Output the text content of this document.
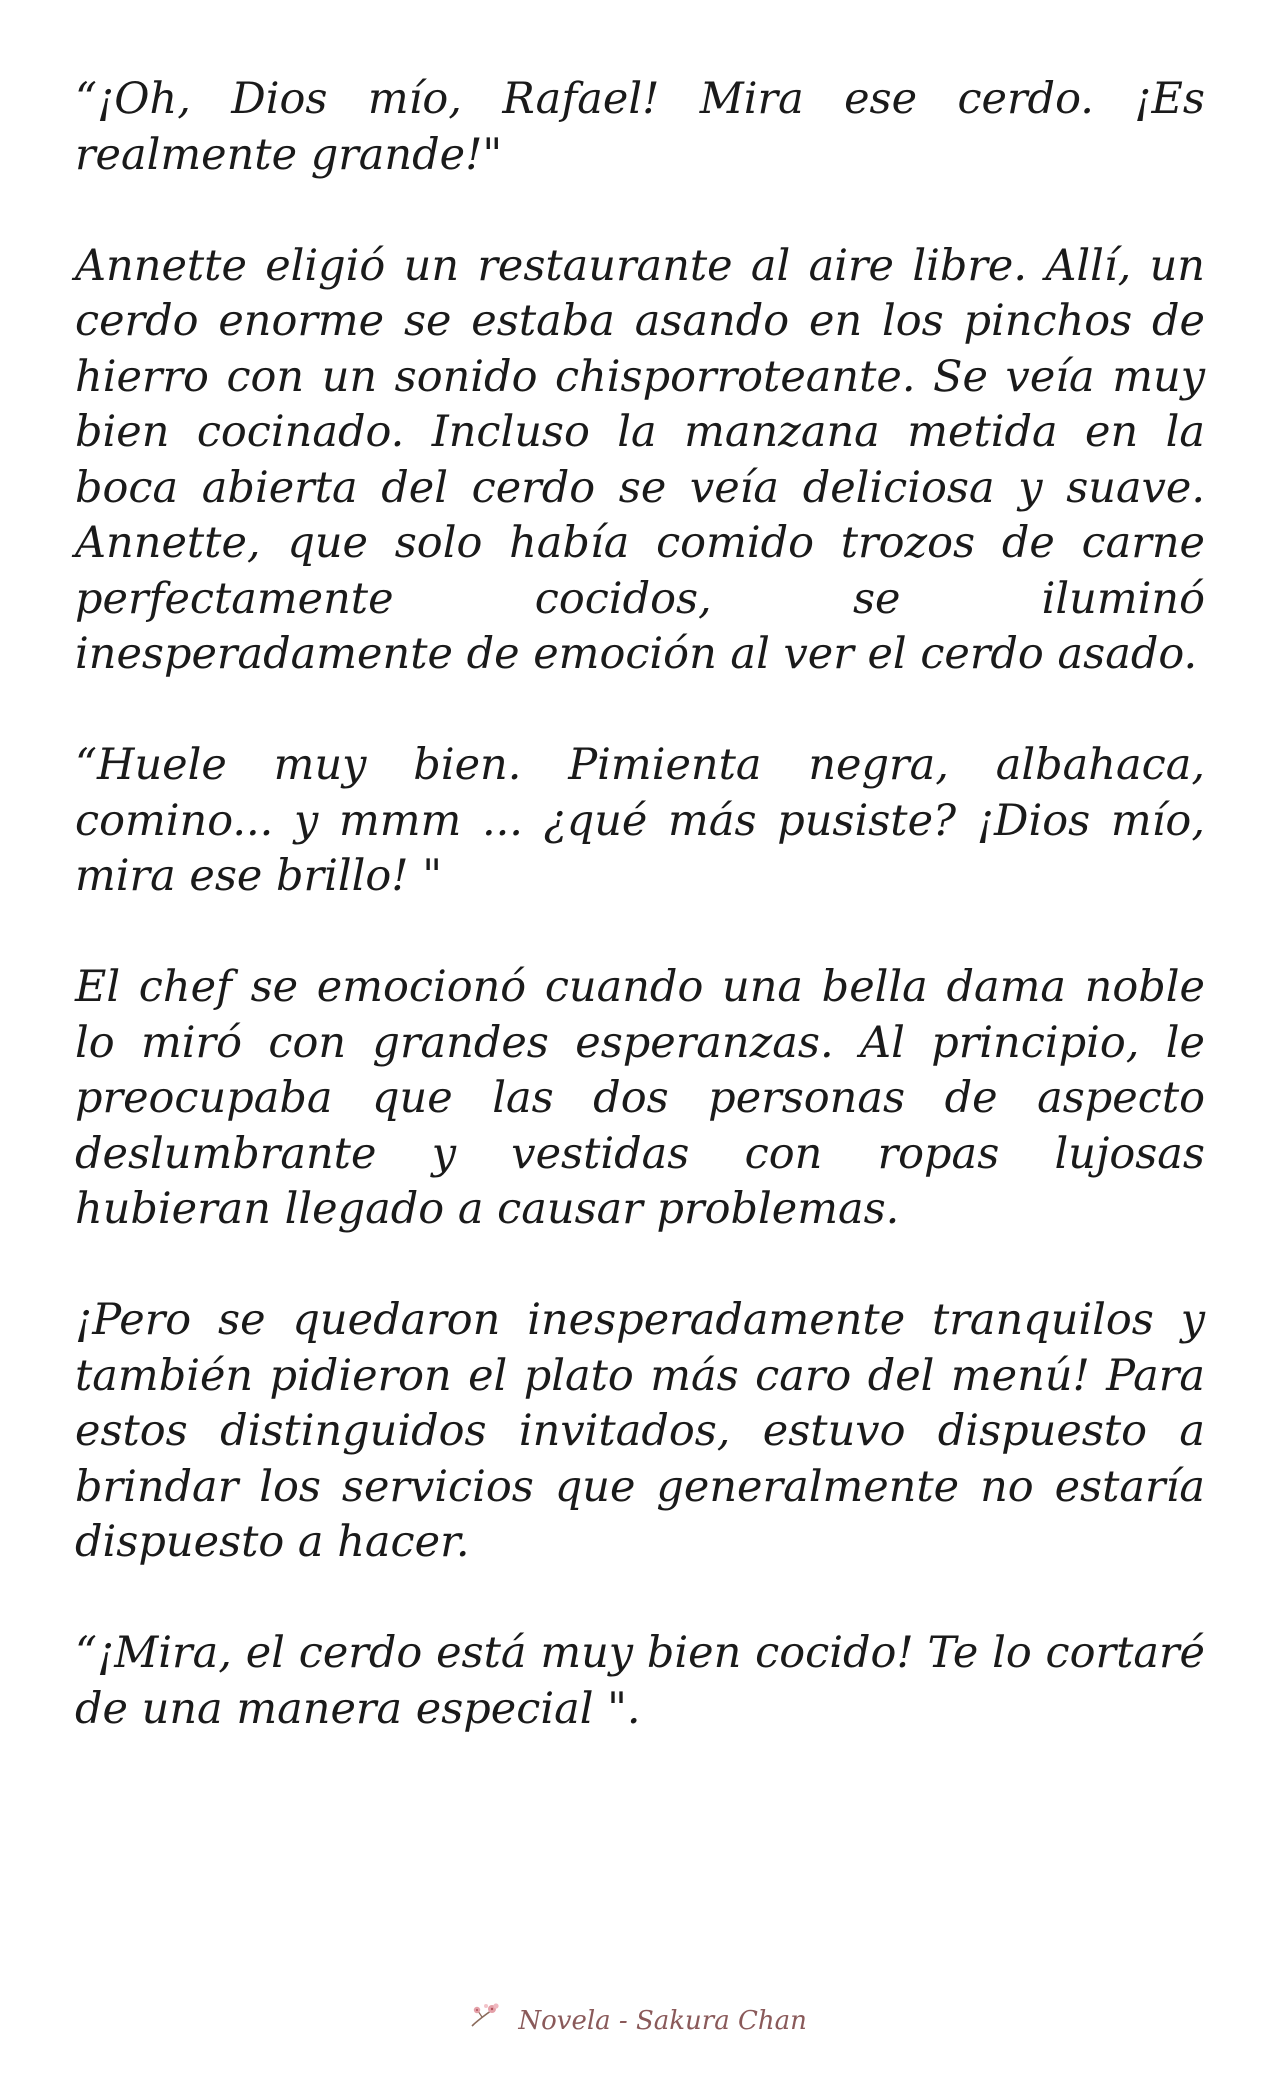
“¡Oh, Dios mío, Rafael! Mira ese cerdo. ¡Es realmente grande!"

Annette eligió un restaurante al aire libre. Allí, un cerdo enorme se estaba asando en los pinchos de hierro con un sonido chisporroteante. Se veía muy bien cocinado. Incluso la manzana metida en la boca abierta del cerdo se veía deliciosa y suave. Annette, que solo había comido trozos de carne perfectamente cocidos, se iluminó inesperadamente de emoción al ver el cerdo asado.

“Huele muy bien. Pimienta negra, albahaca, comino... y mmm ... ¿qué más pusiste? ¡Dios mío, mira ese brillo! "

El chef se emocionó cuando una bella dama noble lo miró con grandes esperanzas. Al principio, le preocupaba que las dos personas de aspecto deslumbrante y vestidas con ropas lujosas hubieran llegado a causar problemas.

¡Pero se quedaron inesperadamente tranquilos y también pidieron el plato más caro del menú! Para estos distinguidos invitados, estuvo dispuesto a brindar los servicios que generalmente no estaría dispuesto a hacer.

“¡Mira, el cerdo está muy bien cocido! Te lo cortaré de una manera especial ".

Novela - Sakura Chan
